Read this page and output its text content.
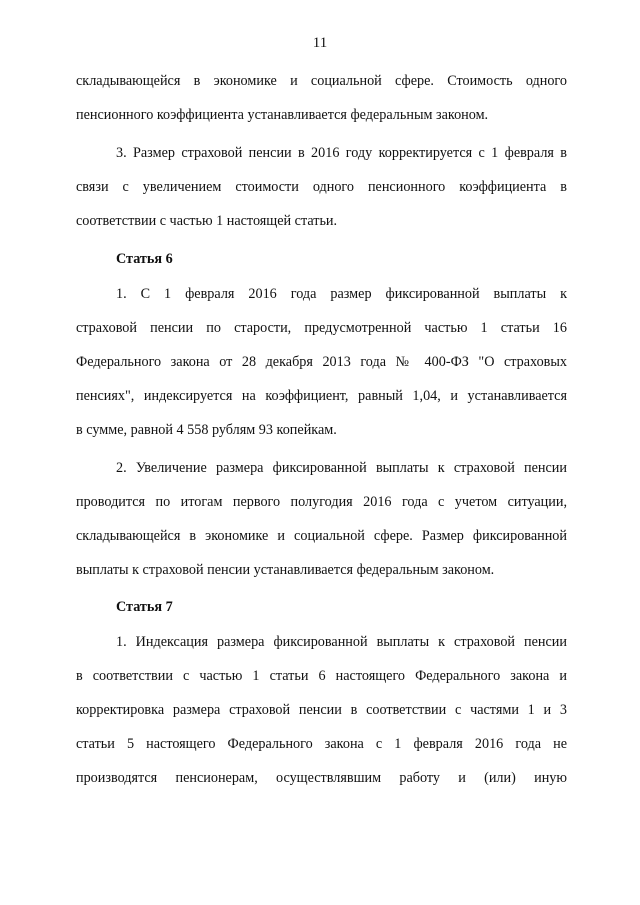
11
складывающейся в экономике и социальной сфере. Стоимость одного
пенсионного коэффициента устанавливается федеральным законом.
3. Размер страховой пенсии в 2016 году корректируется с 1 февраля в
связи с увеличением стоимости одного пенсионного коэффициента в
соответствии с частью 1 настоящей статьи.
Статья 6
1. С 1 февраля 2016 года размер фиксированной выплаты к
страховой пенсии по старости, предусмотренной частью 1 статьи 16
Федерального закона от 28 декабря 2013 года № 400-ФЗ "О страховых
пенсиях", индексируется на коэффициент, равный 1,04, и устанавливается
в сумме, равной 4 558 рублям 93 копейкам.
2. Увеличение размера фиксированной выплаты к страховой пенсии
проводится по итогам первого полугодия 2016 года с учетом ситуации,
складывающейся в экономике и социальной сфере. Размер фиксированной
выплаты к страховой пенсии устанавливается федеральным законом.
Статья 7
1. Индексация размера фиксированной выплаты к страховой пенсии
в соответствии с частью 1 статьи 6 настоящего Федерального закона и
корректировка размера страховой пенсии в соответствии с частями 1 и 3
статьи 5 настоящего Федерального закона с 1 февраля 2016 года не
производятся пенсионерам, осуществлявшим работу и (или) иную
